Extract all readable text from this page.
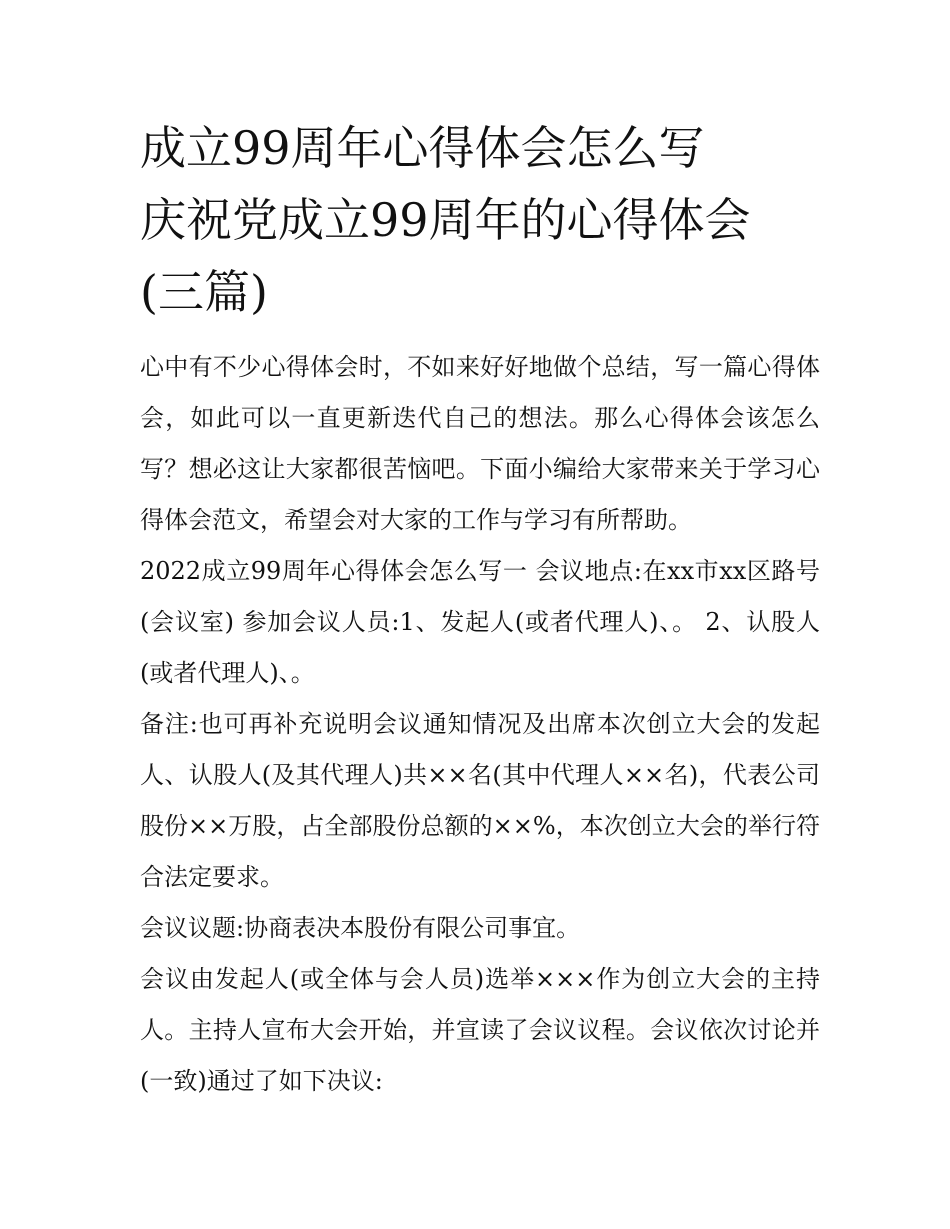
成立99周年心得体会怎么写
庆祝党成立99周年的心得体会
(三篇)

心中有不少心得体会时，不如来好好地做个总结，写一篇心得体会，如此可以一直更新迭代自己的想法。那么心得体会该怎么写？想必这让大家都很苦恼吧。下面小编给大家带来关于学习心得体会范文，希望会对大家的工作与学习有所帮助。

2022成立99周年心得体会怎么写一 会议地点:在xx市xx区路号(会议室) 参加会议人员:1、发起人(或者代理人)、。 2、认股人(或者代理人)、。

备注:也可再补充说明会议通知情况及出席本次创立大会的发起人、认股人(及其代理人)共××名(其中代理人××名)，代表公司股份××万股，占全部股份总额的××%，本次创立大会的举行符合法定要求。

会议议题:协商表决本股份有限公司事宜。

会议由发起人(或全体与会人员)选举×××作为创立大会的主持人。主持人宣布大会开始，并宣读了会议议程。会议依次讨论并(一致)通过了如下决议:
